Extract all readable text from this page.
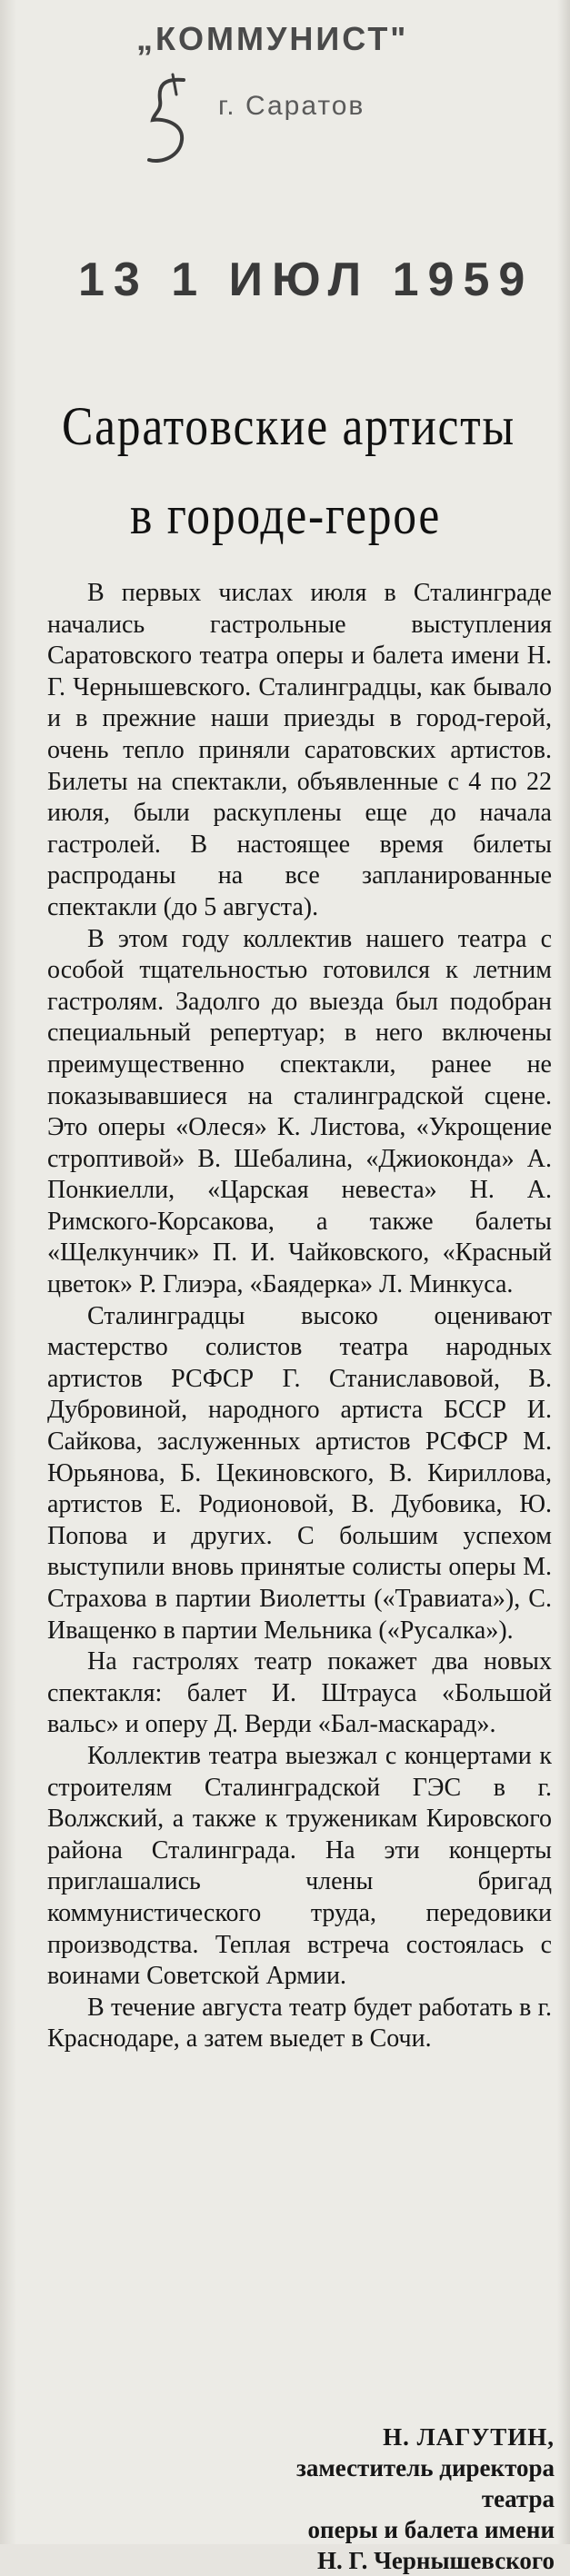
„КОММУНИСТ"
г. Саратов
13 1 ИЮЛ 1959
Саратовские артисты
в городе-герое

В первых числах июля в Сталинграде начались гастрольные выступления Саратовского театра оперы и балета имени Н. Г. Чернышевского. Сталинградцы, как бывало и в прежние наши приезды в город-герой, очень тепло приняли саратовских артистов. Билеты на спектакли, объявленные с 4 по 22 июля, были раскуплены еще до начала гастролей. В настоящее время билеты распроданы на все запланированные спектакли (до 5 августа).

В этом году коллектив нашего театра с особой тщательностью готовился к летним гастролям. Задолго до выезда был подобран специальный репертуар; в него включены преимущественно спектакли, ранее не показывавшиеся на сталинградской сцене. Это оперы «Олеся» К. Листова, «Укрощение строптивой» В. Шебалина, «Джиоконда» А. Понкиелли, «Царская невеста» Н. А. Римского-Корсакова, а также балеты «Щелкунчик» П. И. Чайковского, «Красный цветок» Р. Глиэра, «Баядерка» Л. Минкуса.

Сталинградцы высоко оценивают мастерство солистов театра народных артистов РСФСР Г. Станиславовой, В. Дубровиной, народного артиста БССР И. Сайкова, заслуженных артистов РСФСР М. Юрьянова, Б. Цекиновского, В. Кириллова, артистов Е. Родионовой, В. Дубовика, Ю. Попова и других. С большим успехом выступили вновь принятые солисты оперы М. Страхова в партии Виолетты («Травиата»), С. Иващенко в партии Мельника («Русалка»).

На гастролях театр покажет два новых спектакля: балет И. Штрауса «Большой вальс» и оперу Д. Верди «Бал-маскарад».

Коллектив театра выезжал с концертами к строителям Сталинградской ГЭС в г. Волжский, а также к труженикам Кировского района Сталинграда. На эти концерты приглашались члены бригад коммунистического труда, передовики производства. Теплая встреча состоялась с воинами Советской Армии.

В течение августа театр будет работать в г. Краснодаре, а затем выедет в Сочи.

Н. ЛАГУТИН,
заместитель директора театра
оперы и балета имени
Н. Г. Чернышевского
